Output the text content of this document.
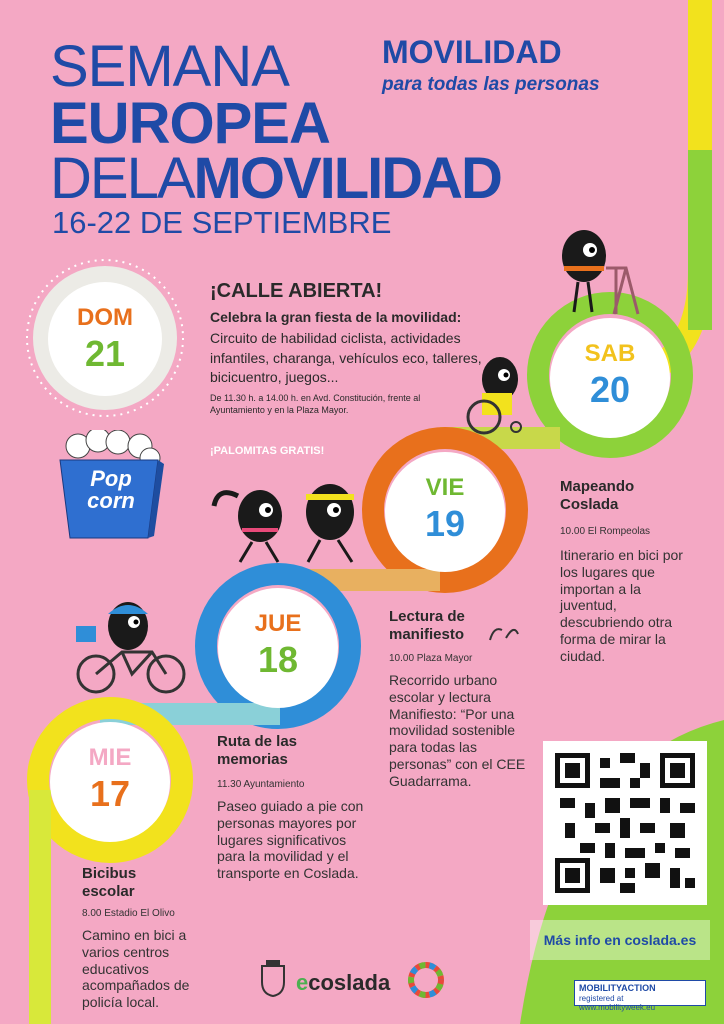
SEMANA
EUROPEA
DELAMOVILIDAD
16-22 DE SEPTIEMBRE
MOVILIDAD
para todas las personas
DOM
21	SAB
20
VIE
19
JUE
18
MIE
17
¡CALLE ABIERTA!
Celebra la gran fiesta de la movilidad:
Circuito de habilidad ciclista, actividades infantiles, charanga, vehículos eco, talleres, bicicuentro, juegos...
De 11.30 h. a 14.00 h. en Avd. Constitución, frente al Ayuntamiento y en la Plaza Mayor.
¡PALOMITAS GRATIS!
Pop
corn
Mapeando
Coslada
10.00 El Rompeolas
Itinerario en bici por los lugares que importan a la juventud, descubriendo otra forma de mirar la ciudad.
Lectura de
manifiesto
10.00 Plaza Mayor
Recorrido urbano escolar y lectura Manifiesto: “Por una movilidad sostenible para todas las personas” con el CEE Guadarrama.
Ruta de las
memorias
11.30 Ayuntamiento
Paseo guiado a pie con personas mayores por lugares significativos para la movilidad y el transporte en Coslada.
Bicibus
escolar
8.00 Estadio El Olivo
Camino en bici a varios centros educativos acompañados de policía local.
Más info en coslada.es
ecoslada	MOBILITYACTION
registered at www.mobilityweek.eu
